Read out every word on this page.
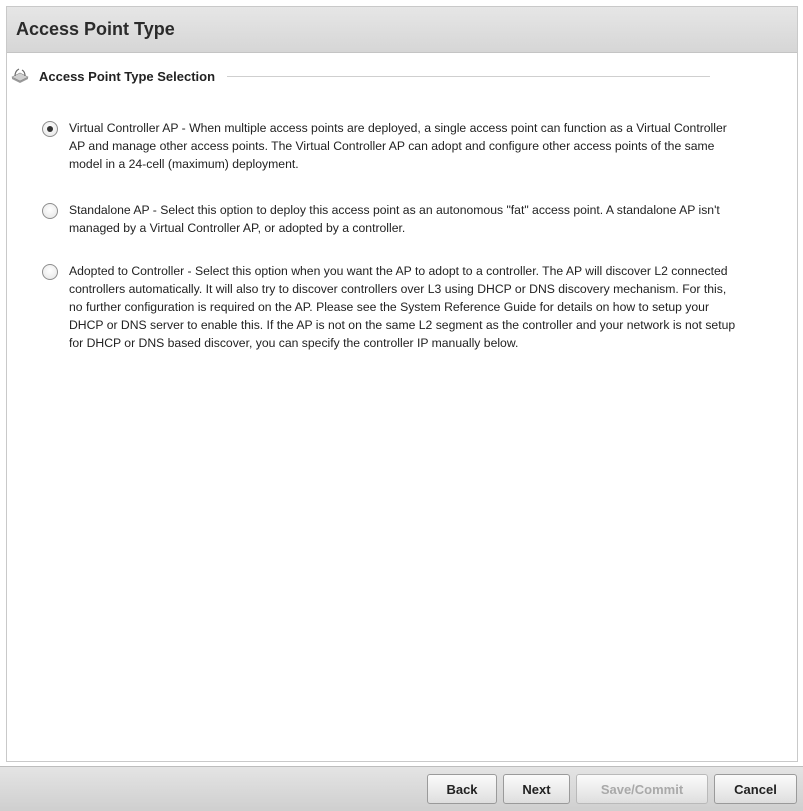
Access Point Type
Access Point Type Selection
Virtual Controller AP - When multiple access points are deployed, a single access point can function as a Virtual Controller AP and manage other access points. The Virtual Controller AP can adopt and configure other access points of the same model in a 24-cell (maximum) deployment.
Standalone AP - Select this option to deploy this access point as an autonomous "fat" access point. A standalone AP isn't managed by a Virtual Controller AP, or adopted by a controller.
Adopted to Controller - Select this option when you want the AP to adopt to a controller. The AP will discover L2 connected controllers automatically. It will also try to discover controllers over L3 using DHCP or DNS discovery mechanism. For this, no further configuration is required on the AP. Please see the System Reference Guide for details on how to setup your DHCP or DNS server to enable this. If the AP is not on the same L2 segment as the controller and your network is not setup for DHCP or DNS based discover, you can specify the controller IP manually below.
Back	Next	Save/Commit	Cancel
